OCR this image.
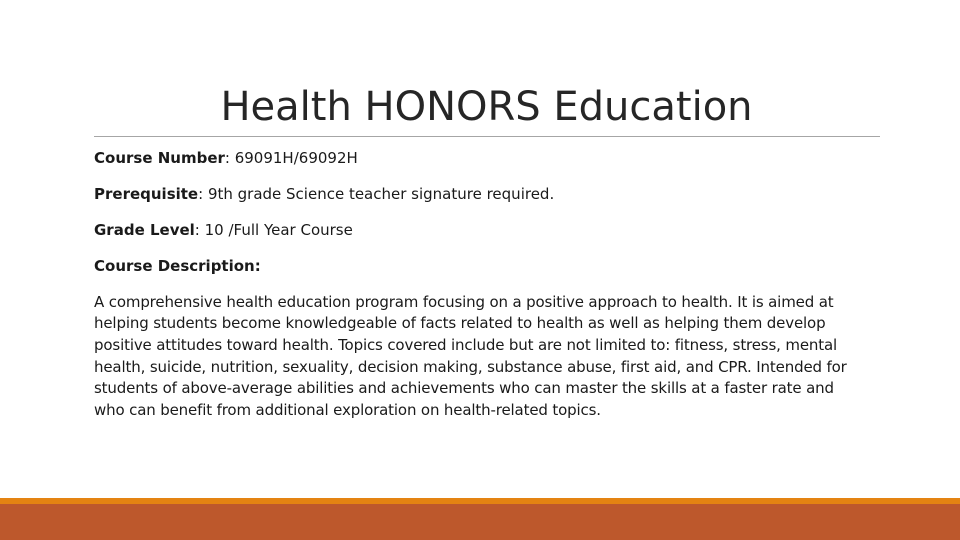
Health HONORS Education
Course Number: 69091H/69092H
Prerequisite: 9th grade Science teacher signature required.
Grade Level: 10 /Full Year Course
Course Description:

A comprehensive health education program focusing on a positive approach to health. It is aimed at helping students become knowledgeable of facts related to health as well as helping them develop positive attitudes toward health. Topics covered include but are not limited to: fitness, stress, mental health, suicide, nutrition, sexuality, decision making, substance abuse, first aid, and CPR. Intended for students of above-average abilities and achievements who can master the skills at a faster rate and who can benefit from additional exploration on health-related topics.
